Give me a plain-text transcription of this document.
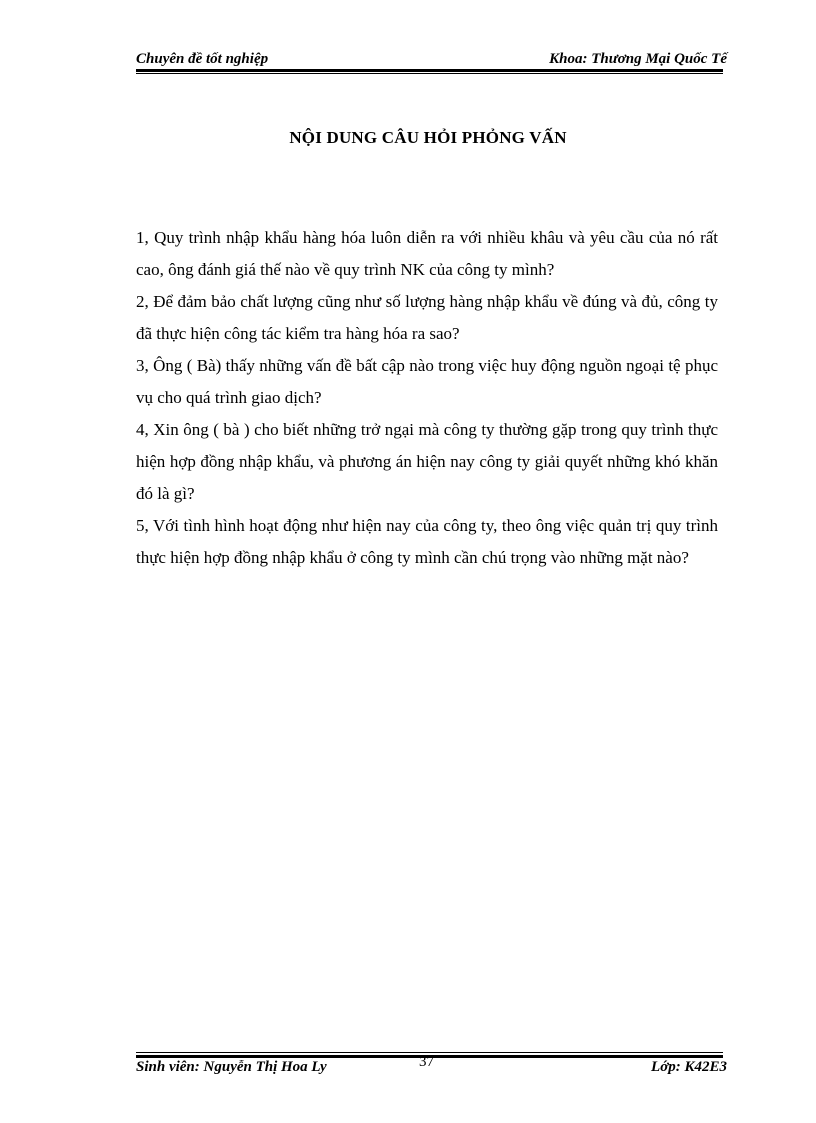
Chuyên đề tốt nghiệp	Khoa: Thương Mại Quốc Tế
NỘI DUNG CÂU HỎI PHỎNG VẤN

1, Quy trình nhập khẩu hàng hóa luôn diễn ra với nhiều khâu và yêu cầu của nó rất cao, ông đánh giá thế nào về quy trình NK của công ty mình?

2, Để đảm bảo chất lượng cũng như số lượng hàng nhập khẩu về đúng và đủ, công ty đã thực hiện công tác kiểm tra hàng hóa ra sao?

3, Ông ( Bà) thấy những vấn đề bất cập nào trong việc huy động nguồn ngoại tệ phục vụ cho quá trình giao dịch?

4, Xin ông ( bà ) cho biết những trở ngại mà công ty thường gặp trong quy trình thực hiện hợp đồng nhập khẩu, và phương án hiện nay công ty giải quyết những khó khăn đó là gì?

5, Với tình hình hoạt động như hiện nay của công ty, theo ông việc quản trị quy trình thực hiện hợp đồng nhập khẩu ở công ty mình cần chú trọng vào những mặt nào?

Sinh viên: Nguyễn Thị Hoa Ly	37	Lớp: K42E3
